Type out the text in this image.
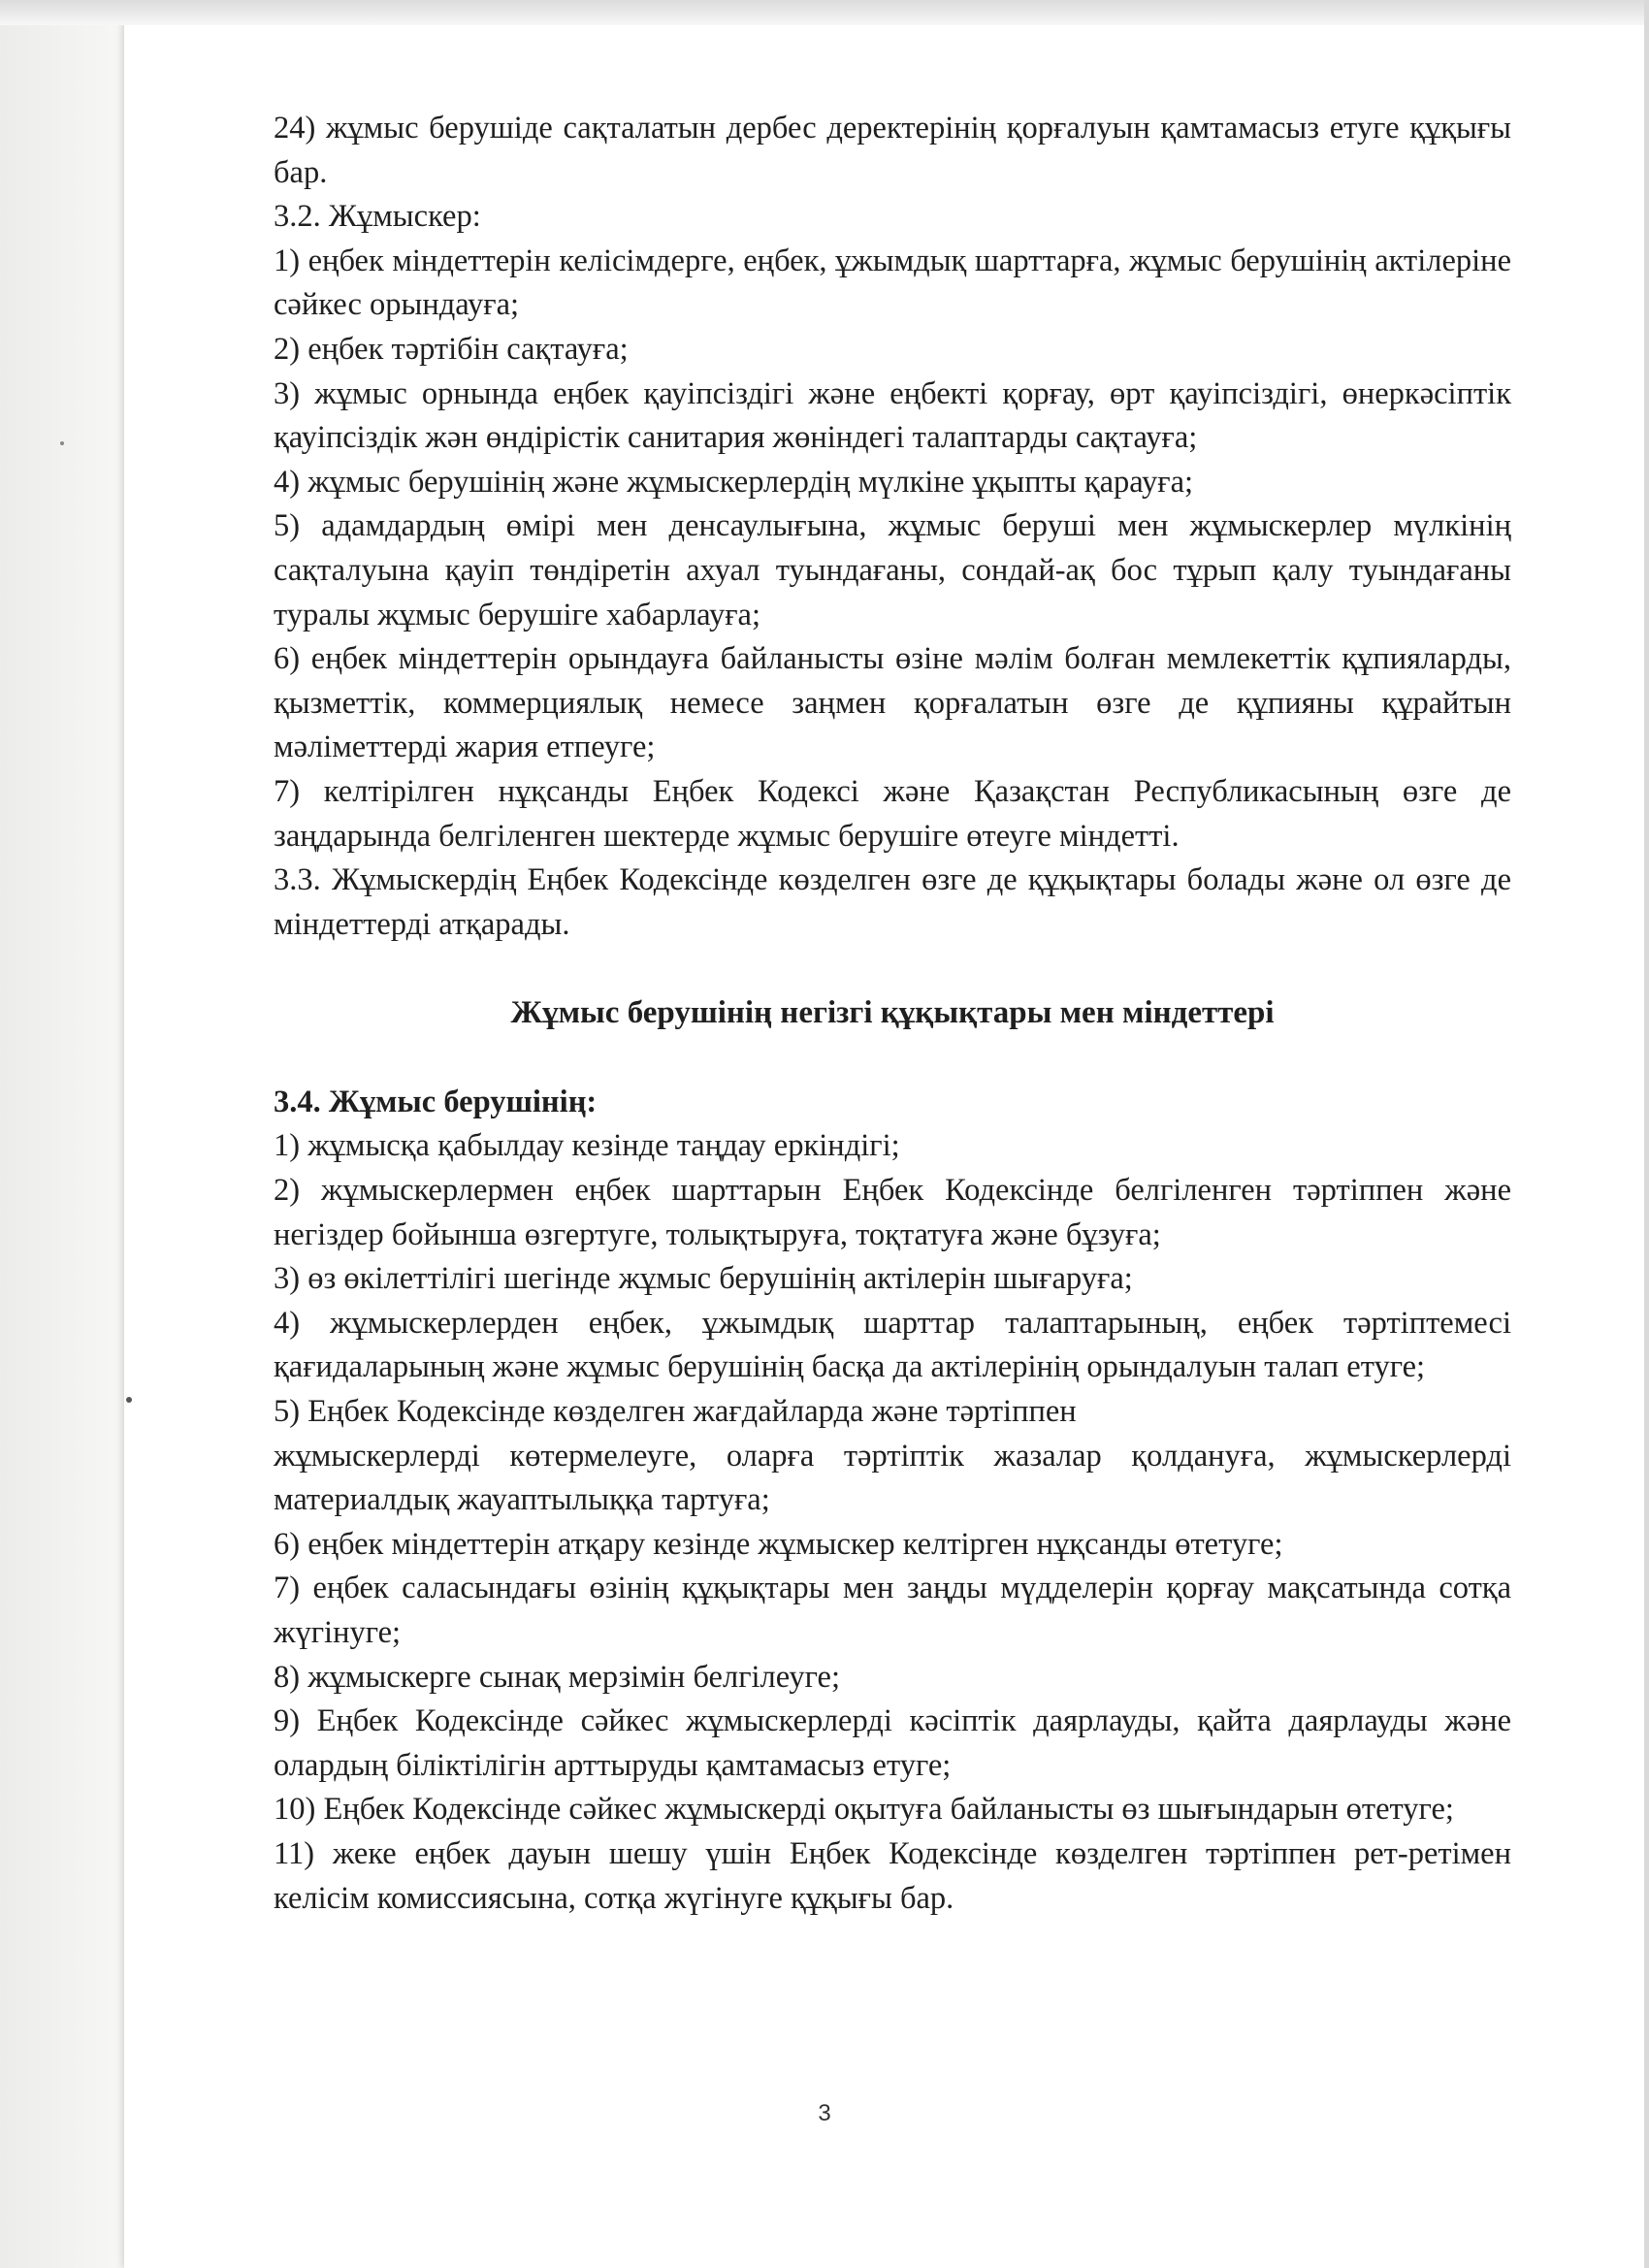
24) жұмыс берушіде сақталатын дербес деректерінің қорғалуын қамтамасыз етуге құқығы бар.

3.2. Жұмыскер:

1) еңбек міндеттерін келісімдерге, еңбек, ұжымдық шарттарға, жұмыс берушінің актілеріне сәйкес орындауға;

2) еңбек тәртібін сақтауға;

3) жұмыс орнында еңбек қауіпсіздігі және еңбекті қорғау, өрт қауіпсіздігі, өнеркәсіптік қауіпсіздік жән өндірістік санитария жөніндегі талаптарды сақтауға;

4) жұмыс берушінің және жұмыскерлердің мүлкіне ұқыпты қарауға;

5) адамдардың өмірі мен денсаулығына, жұмыс беруші мен жұмыскерлер мүлкінің сақталуына қауіп төндіретін ахуал туындағаны, сондай-ақ бос тұрып қалу туындағаны туралы жұмыс берушіге хабарлауға;

6) еңбек міндеттерін орындауға байланысты өзіне мәлім болған мемлекеттік құпияларды, қызметтік, коммерциялық немесе заңмен қорғалатын өзге де құпияны құрайтын мәліметтерді жария етпеуге;

7) келтірілген нұқсанды Еңбек Кодексі және Қазақстан Республикасының өзге де заңдарында белгіленген шектерде жұмыс берушіге өтеуге міндетті.

3.3. Жұмыскердің Еңбек Кодексінде көзделген өзге де құқықтары болады және ол өзге де міндеттерді атқарады.

Жұмыс берушінің негізгі құқықтары мен міндеттері

3.4. Жұмыс берушінің:

1) жұмысқа қабылдау кезінде таңдау еркіндігі;

2) жұмыскерлермен еңбек шарттарын Еңбек Кодексінде белгіленген тәртіппен және негіздер бойынша өзгертуге, толықтыруға, тоқтатуға және бұзуға;

3) өз өкілеттілігі шегінде жұмыс берушінің актілерін шығаруға;

4) жұмыскерлерден еңбек, ұжымдық шарттар талаптарының, еңбек тәртіптемесі қағидаларының және жұмыс берушінің басқа да актілерінің орындалуын талап етуге;

5) Еңбек Кодексінде көзделген жағдайларда және тәртіппен

жұмыскерлерді көтермелеуге, оларға тәртіптік жазалар қолдануға, жұмыскерлерді материалдық жауаптылыққа тартуға;

6) еңбек міндеттерін атқару кезінде жұмыскер келтірген нұқсанды өтетуге;

7) еңбек саласындағы өзінің құқықтары мен заңды мүдделерін қорғау мақсатында сотқа жүгінуге;

8) жұмыскерге сынақ мерзімін белгілеуге;

9) Еңбек Кодексінде сәйкес жұмыскерлерді кәсіптік даярлауды, қайта даярлауды және олардың біліктілігін арттыруды қамтамасыз етуге;

10) Еңбек Кодексінде сәйкес жұмыскерді оқытуға байланысты өз шығындарын өтетуге;

11) жеке еңбек дауын шешу үшін Еңбек Кодексінде көзделген тәртіппен рет-ретімен келісім комиссиясына, сотқа жүгінуге құқығы бар.

3
